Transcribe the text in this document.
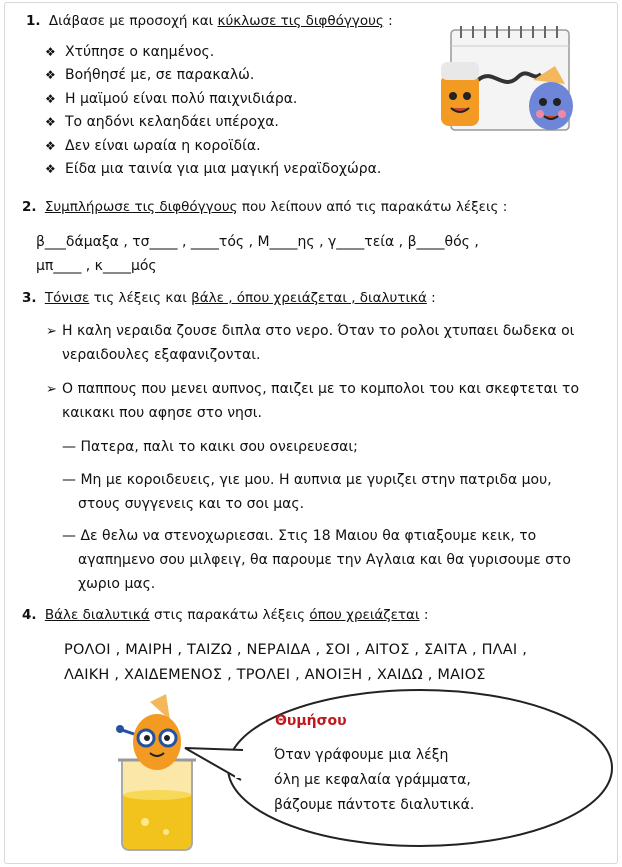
1. Διάβασε με προσοχή και κύκλωσε τις διφθόγγους :
❖ Χτύπησε ο καημένος.
❖ Βοήθησέ με, σε παρακαλώ.
❖ Η μαϊμού είναι πολύ παιχνιδιάρα.
❖ Το αηδόνι κελαηδάει υπέροχα.
❖ Δεν είναι ωραία η κοροϊδία.
❖ Είδα μια ταινία για μια μαγική νεραϊδοχώρα.
2. Συμπλήρωσε τις διφθόγγους που λείπουν από τις παρακάτω λέξεις :
β___δάμαξα , τσ____ , ____τός , Μ____ης , γ____τεία , β____θός ,
μπ____ , κ____μός
3. Τόνισε τις λέξεις και βάλε , όπου χρειάζεται , διαλυτικά :
➢ Η καλη νεραιδα ζουσε διπλα στο νερο. Όταν το ρολοι χτυπαει δωδεκα οι
νεραιδουλες εξαφανιζονται.
➢ Ο παππους που μενει αυπνος, παιζει με το κομπολοι του και σκεφτεται το
καικακι που αφησε στο νησι.
— Πατερα, παλι το καικι σου ονειρευεσαι;
— Μη με κοροιδευεις, γιε μου. Η αυπνια με γυριζει στην πατριδα μου,
στους συγγενεις και το σοι μας.
— Δε θελω να στενοχωριεσαι. Στις 18 Μαιου θα φτιαξουμε κεικ, το
αγαπημενο σου μιλφειγ, θα παρουμε την Αγλαια και θα γυρισουμε στο
χωριο μας.
4. Βάλε διαλυτικά στις παρακάτω λέξεις όπου χρειάζεται :
ΡΟΛΟΙ , ΜΑΙΡΗ , ΤΑΙΖΩ , ΝΕΡΑΙΔΑ , ΣΟΙ , ΑΙΤΟΣ , ΣΑΙΤΑ , ΠΛΑΙ ,
ΛΑΙΚΗ , ΧΑΙΔΕΜΕΝΟΣ , ΤΡΟΛΕΙ , ΑΝΟΙΞΗ , ΧΑΙΔΩ , ΜΑΙΟΣ
Θυμήσου
Όταν γράφουμε μια λέξη
όλη με κεφαλαία γράμματα,
βάζουμε πάντοτε διαλυτικά.
